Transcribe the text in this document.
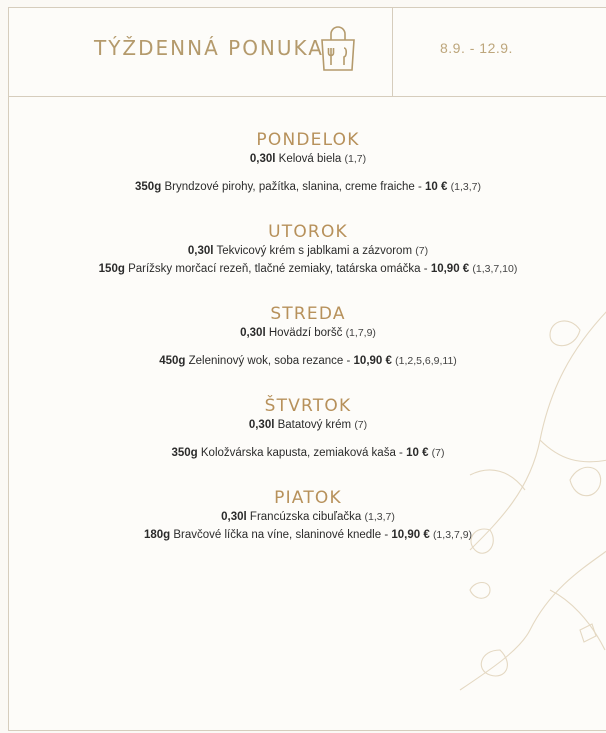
TÝŽDENNÁ PONUKA	8.9. - 12.9.
PONDELOK
0,30l Kelová biela (1,7)
350g Bryndzové pirohy, pažítka, slanina, creme fraiche - 10 € (1,3,7)
UTOROK
0,30l Tekvicový krém s jablkami a zázvorom (7)
150g Parížsky morčací rezeň, tlačné zemiaky, tatárska omáčka - 10,90 € (1,3,7,10)
STREDA
0,30l Hovädzí boršč (1,7,9)
450g Zeleninový wok, soba rezance - 10,90 € (1,2,5,6,9,11)
ŠTVRTOK
0,30l Batatový krém (7)
350g Koložvárska kapusta, zemiaková kaša - 10 € (7)
PIATOK
0,30l Francúzska cibuľačka (1,3,7)
180g Bravčové líčka na víne, slaninové knedle - 10,90 € (1,3,7,9)
